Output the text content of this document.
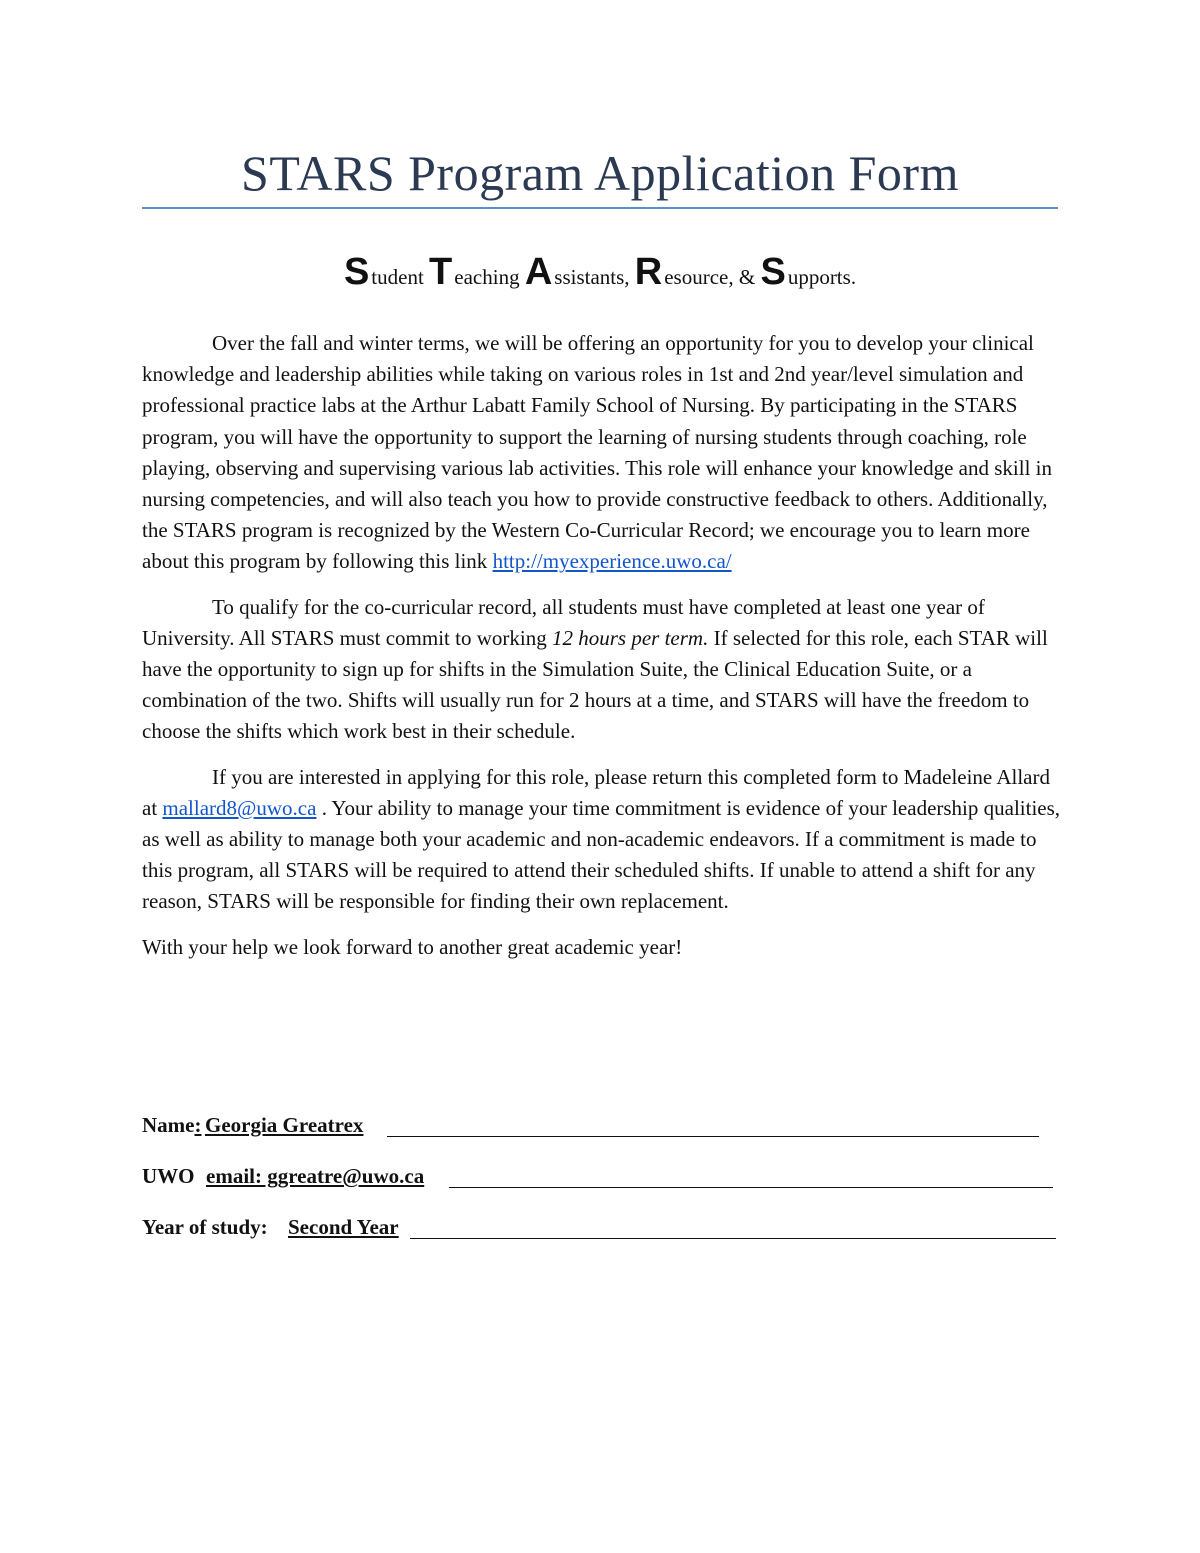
STARS Program Application Form
Student Teaching Assistants, Resource, & Supports.

Over the fall and winter terms, we will be offering an opportunity for you to develop your clinical knowledge and leadership abilities while taking on various roles in 1st and 2nd year/level simulation and professional practice labs at the Arthur Labatt Family School of Nursing. By participating in the STARS program, you will have the opportunity to support the learning of nursing students through coaching, role playing, observing and supervising various lab activities. This role will enhance your knowledge and skill in nursing competencies, and will also teach you how to provide constructive feedback to others. Additionally, the STARS program is recognized by the Western Co-Curricular Record; we encourage you to learn more about this program by following this link http://myexperience.uwo.ca/

To qualify for the co-curricular record, all students must have completed at least one year of University. All STARS must commit to working 12 hours per term. If selected for this role, each STAR will have the opportunity to sign up for shifts in the Simulation Suite, the Clinical Education Suite, or a combination of the two. Shifts will usually run for 2 hours at a time, and STARS will have the freedom to choose the shifts which work best in their schedule.

If you are interested in applying for this role, please return this completed form to Madeleine Allard at mallard8@uwo.ca . Your ability to manage your time commitment is evidence of your leadership qualities, as well as ability to manage both your academic and non-academic endeavors. If a commitment is made to this program, all STARS will be required to attend their scheduled shifts. If unable to attend a shift for any reason, STARS will be responsible for finding their own replacement.

With your help we look forward to another great academic year!

Name: Georgia Greatrex
UWO email: ggreatre@uwo.ca
Year of study: Second Year
